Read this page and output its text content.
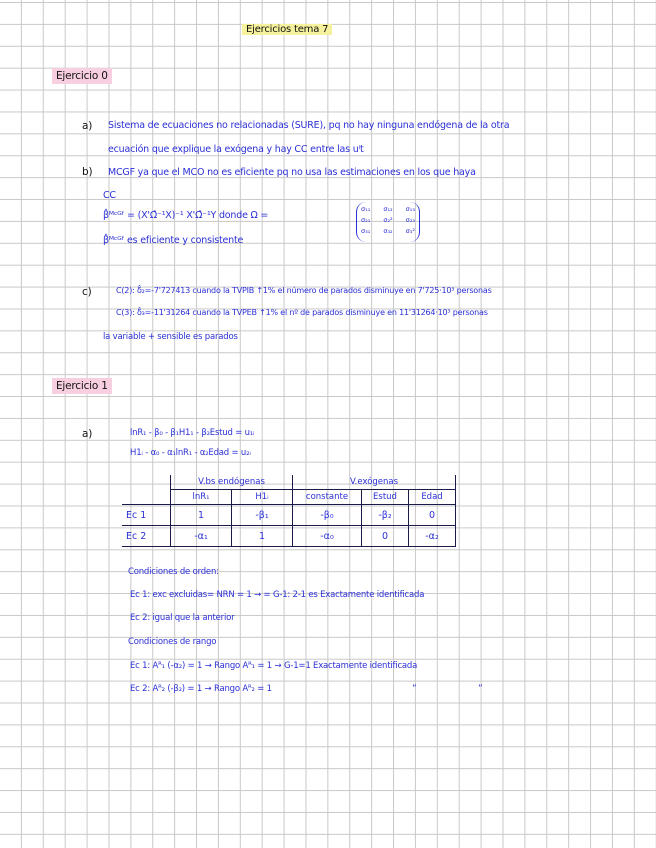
Ejercicios tema 7
Ejercicio 0
a) Sistema de ecuaciones no relacionadas (SURE), pq no hay ninguna endógena de la otra
ecuación que explique la exógena y hay CC entre las uⁱt
b) MCGF ya que el MCO no es eficiente pq no usa las estimaciones en los que haya
CC
β̂ᴹᶜᴳᶠ = (X'Ω̂⁻¹X)⁻¹ X'Ω̂⁻¹Y donde Ω =
σ₁₁ σ₁₂ σ₁₃
σ₂₁ σ₂² σ₂₃
σ₃₁ σ₃₂ σ₃²
β̂ᴹᶜᴳᶠ es eficiente y consistente
c)	C(2): δ̂₂=-7'727413 cuando la TVPIB ↑1% el número de parados disminuye en 7'725·10³ personas
C(3): δ̂₃=-11'31264 cuando la TVPEB ↑1% el nº de parados disminuye en 11'31264·10³ personas
la variable + sensible es parados
Ejercicio 1
a)	lnR₁ - β₀ - β₁H1₁ - β₂Estud = u₁ᵢ
H1ᵢ - α₀ - α₁lnR₁ - α₂Edad = u₂ᵢ
	V.bs endógenas		V.exógenas		
	lnR₁	H1ᵢ	constante	Estud	Edad
Ec 1	1	-β₁	-β₀	-β₂	0
Ec 2	-α₁	1	-α₀	0	-α₂
Condiciones de orden:
Ec 1: exc excluidas= NRN = 1 → = G-1: 2-1 es Exactamente identificada
Ec 2: igual que la anterior
Condiciones de rango
Ec 1: Aᴿ₁ (-α₂) = 1 → Rango Aᴿ₁ = 1 → G-1=1 Exactamente identificada
Ec 2: Aᴿ₂ (-β₂) = 1 → Rango Aᴿ₂ = 1	”	”
